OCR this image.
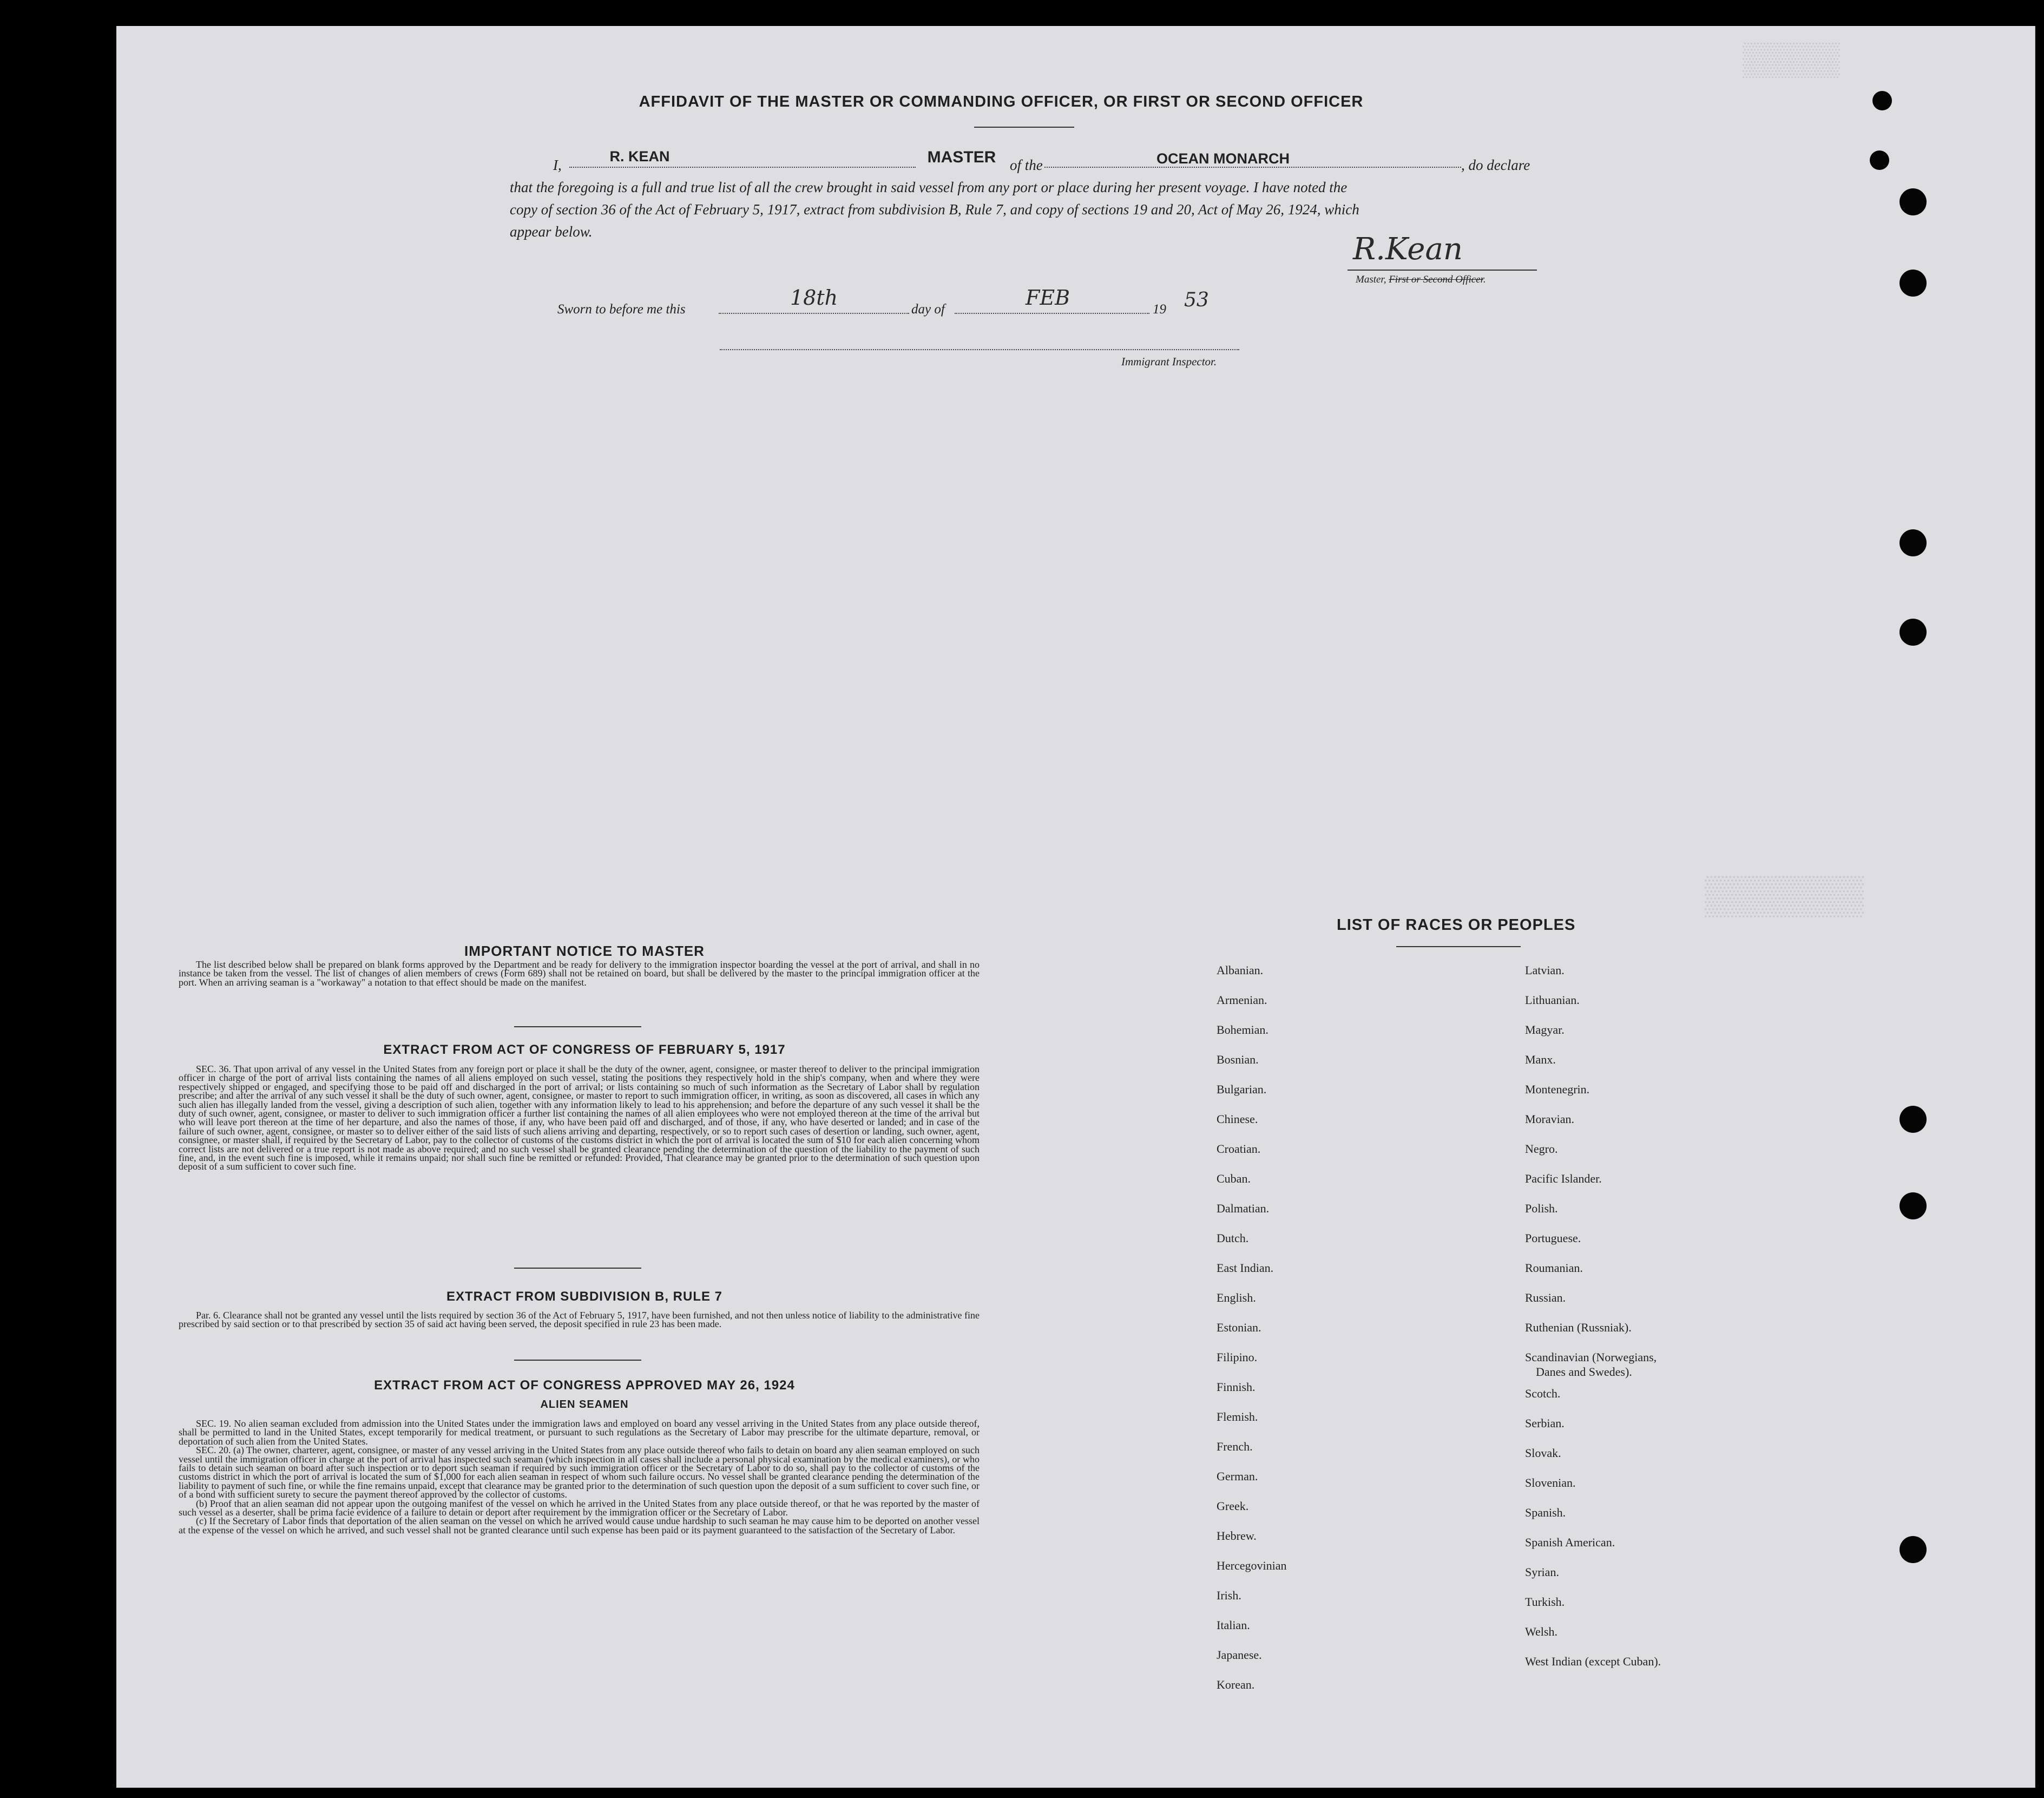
▒▒▒▒▒
▒▒▒▒▒▒▒
AFFIDAVIT OF THE MASTER OR COMMANDING OFFICER, OR FIRST OR SECOND OFFICER
I,
R. KEAN	MASTER of the	OCEAN MONARCH	, do declare
that the foregoing is a full and true list of all the crew brought in said vessel from any port or place during her present voyage. I have noted the
copy of section 36 of the Act of February 5, 1917, extract from subdivision B, Rule 7, and copy of sections 19 and 20, Act of May 26, 1924, which
appear below.	R.Kean
Master, First or Second Officer.
Sworn to before me this	18th	day of	FEB	19 53
Immigrant Inspector.
IMPORTANT NOTICE TO MASTER

The list described below shall be prepared on blank forms approved by the Department and be ready for delivery to the immigration inspector boarding the vessel at the port of arrival, and shall in no instance be taken from the vessel. The list of changes of alien members of crews (Form 689) shall not be retained on board, but shall be delivered by the master to the principal immigration officer at the port. When an arriving seaman is a "workaway" a notation to that effect should be made on the manifest.

EXTRACT FROM ACT OF CONGRESS OF FEBRUARY 5, 1917

SEC. 36. That upon arrival of any vessel in the United States from any foreign port or place it shall be the duty of the owner, agent, consignee, or master thereof to deliver to the principal immigration officer in charge of the port of arrival lists containing the names of all aliens employed on such vessel, stating the positions they respectively hold in the ship's company, when and where they were respectively shipped or engaged, and specifying those to be paid off and discharged in the port of arrival; or lists containing so much of such information as the Secretary of Labor shall by regulation prescribe; and after the arrival of any such vessel it shall be the duty of such owner, agent, consignee, or master to report to such immigration officer, in writing, as soon as discovered, all cases in which any such alien has illegally landed from the vessel, giving a description of such alien, together with any information likely to lead to his apprehension; and before the departure of any such vessel it shall be the duty of such owner, agent, consignee, or master to deliver to such immigration officer a further list containing the names of all alien employees who were not employed thereon at the time of the arrival but who will leave port thereon at the time of her departure, and also the names of those, if any, who have been paid off and discharged, and of those, if any, who have deserted or landed; and in case of the failure of such owner, agent, consignee, or master so to deliver either of the said lists of such aliens arriving and departing, respectively, or so to report such cases of desertion or landing, such owner, agent, consignee, or master shall, if required by the Secretary of Labor, pay to the collector of customs of the customs district in which the port of arrival is located the sum of $10 for each alien concerning whom correct lists are not delivered or a true report is not made as above required; and no such vessel shall be granted clearance pending the determination of the question of the liability to the payment of such fine, and, in the event such fine is imposed, while it remains unpaid; nor shall such fine be remitted or refunded: Provided, That clearance may be granted prior to the determination of such question upon deposit of a sum sufficient to cover such fine.

EXTRACT FROM SUBDIVISION B, RULE 7

Par. 6. Clearance shall not be granted any vessel until the lists required by section 36 of the Act of February 5, 1917, have been furnished, and not then unless notice of liability to the administrative fine prescribed by said section or to that prescribed by section 35 of said act having been served, the deposit specified in rule 23 has been made.

EXTRACT FROM ACT OF CONGRESS APPROVED MAY 26, 1924
ALIEN SEAMEN

SEC. 19. No alien seaman excluded from admission into the United States under the immigration laws and employed on board any vessel arriving in the United States from any place outside thereof, shall be permitted to land in the United States, except temporarily for medical treatment, or pursuant to such regulations as the Secretary of Labor may prescribe for the ultimate departure, removal, or deportation of such alien from the United States.

SEC. 20. (a) The owner, charterer, agent, consignee, or master of any vessel arriving in the United States from any place outside thereof who fails to detain on board any alien seaman employed on such vessel until the immigration officer in charge at the port of arrival has inspected such seaman (which inspection in all cases shall include a personal physical examination by the medical examiners), or who fails to detain such seaman on board after such inspection or to deport such seaman if required by such immigration officer or the Secretary of Labor to do so, shall pay to the collector of customs of the customs district in which the port of arrival is located the sum of $1,000 for each alien seaman in respect of whom such failure occurs. No vessel shall be granted clearance pending the determination of the liability to payment of such fine, or while the fine remains unpaid, except that clearance may be granted prior to the determination of such question upon the deposit of a sum sufficient to cover such fine, or of a bond with sufficient surety to secure the payment thereof approved by the collector of customs.

(b) Proof that an alien seaman did not appear upon the outgoing manifest of the vessel on which he arrived in the United States from any place outside thereof, or that he was reported by the master of such vessel as a deserter, shall be prima facie evidence of a failure to detain or deport after requirement by the immigration officer or the Secretary of Labor.

(c) If the Secretary of Labor finds that deportation of the alien seaman on the vessel on which he arrived would cause undue hardship to such seaman he may cause him to be deported on another vessel at the expense of the vessel on which he arrived, and such vessel shall not be granted clearance until such expense has been paid or its payment guaranteed to the satisfaction of the Secretary of Labor.

LIST OF RACES OR PEOPLES
Albanian.
Armenian.
Bohemian.
Bosnian.
Bulgarian.
Chinese.
Croatian.
Cuban.
Dalmatian.
Dutch.
East Indian.
English.
Estonian.
Filipino.
Finnish.
Flemish.
French.
German.
Greek.
Hebrew.
Hercegovinian
Irish.
Italian.
Japanese.
Korean.
Latvian.
Lithuanian.
Magyar.
Manx.
Montenegrin.
Moravian.
Negro.
Pacific Islander.
Polish.
Portuguese.
Roumanian.
Russian.
Ruthenian (Russniak).
Scandinavian (Norwegians,
Scotch.
Serbian.
Slovak.
Slovenian.
Spanish.
Spanish American.
Syrian.
Turkish.
Welsh.
West Indian (except Cuban).
Danes and Swedes).
